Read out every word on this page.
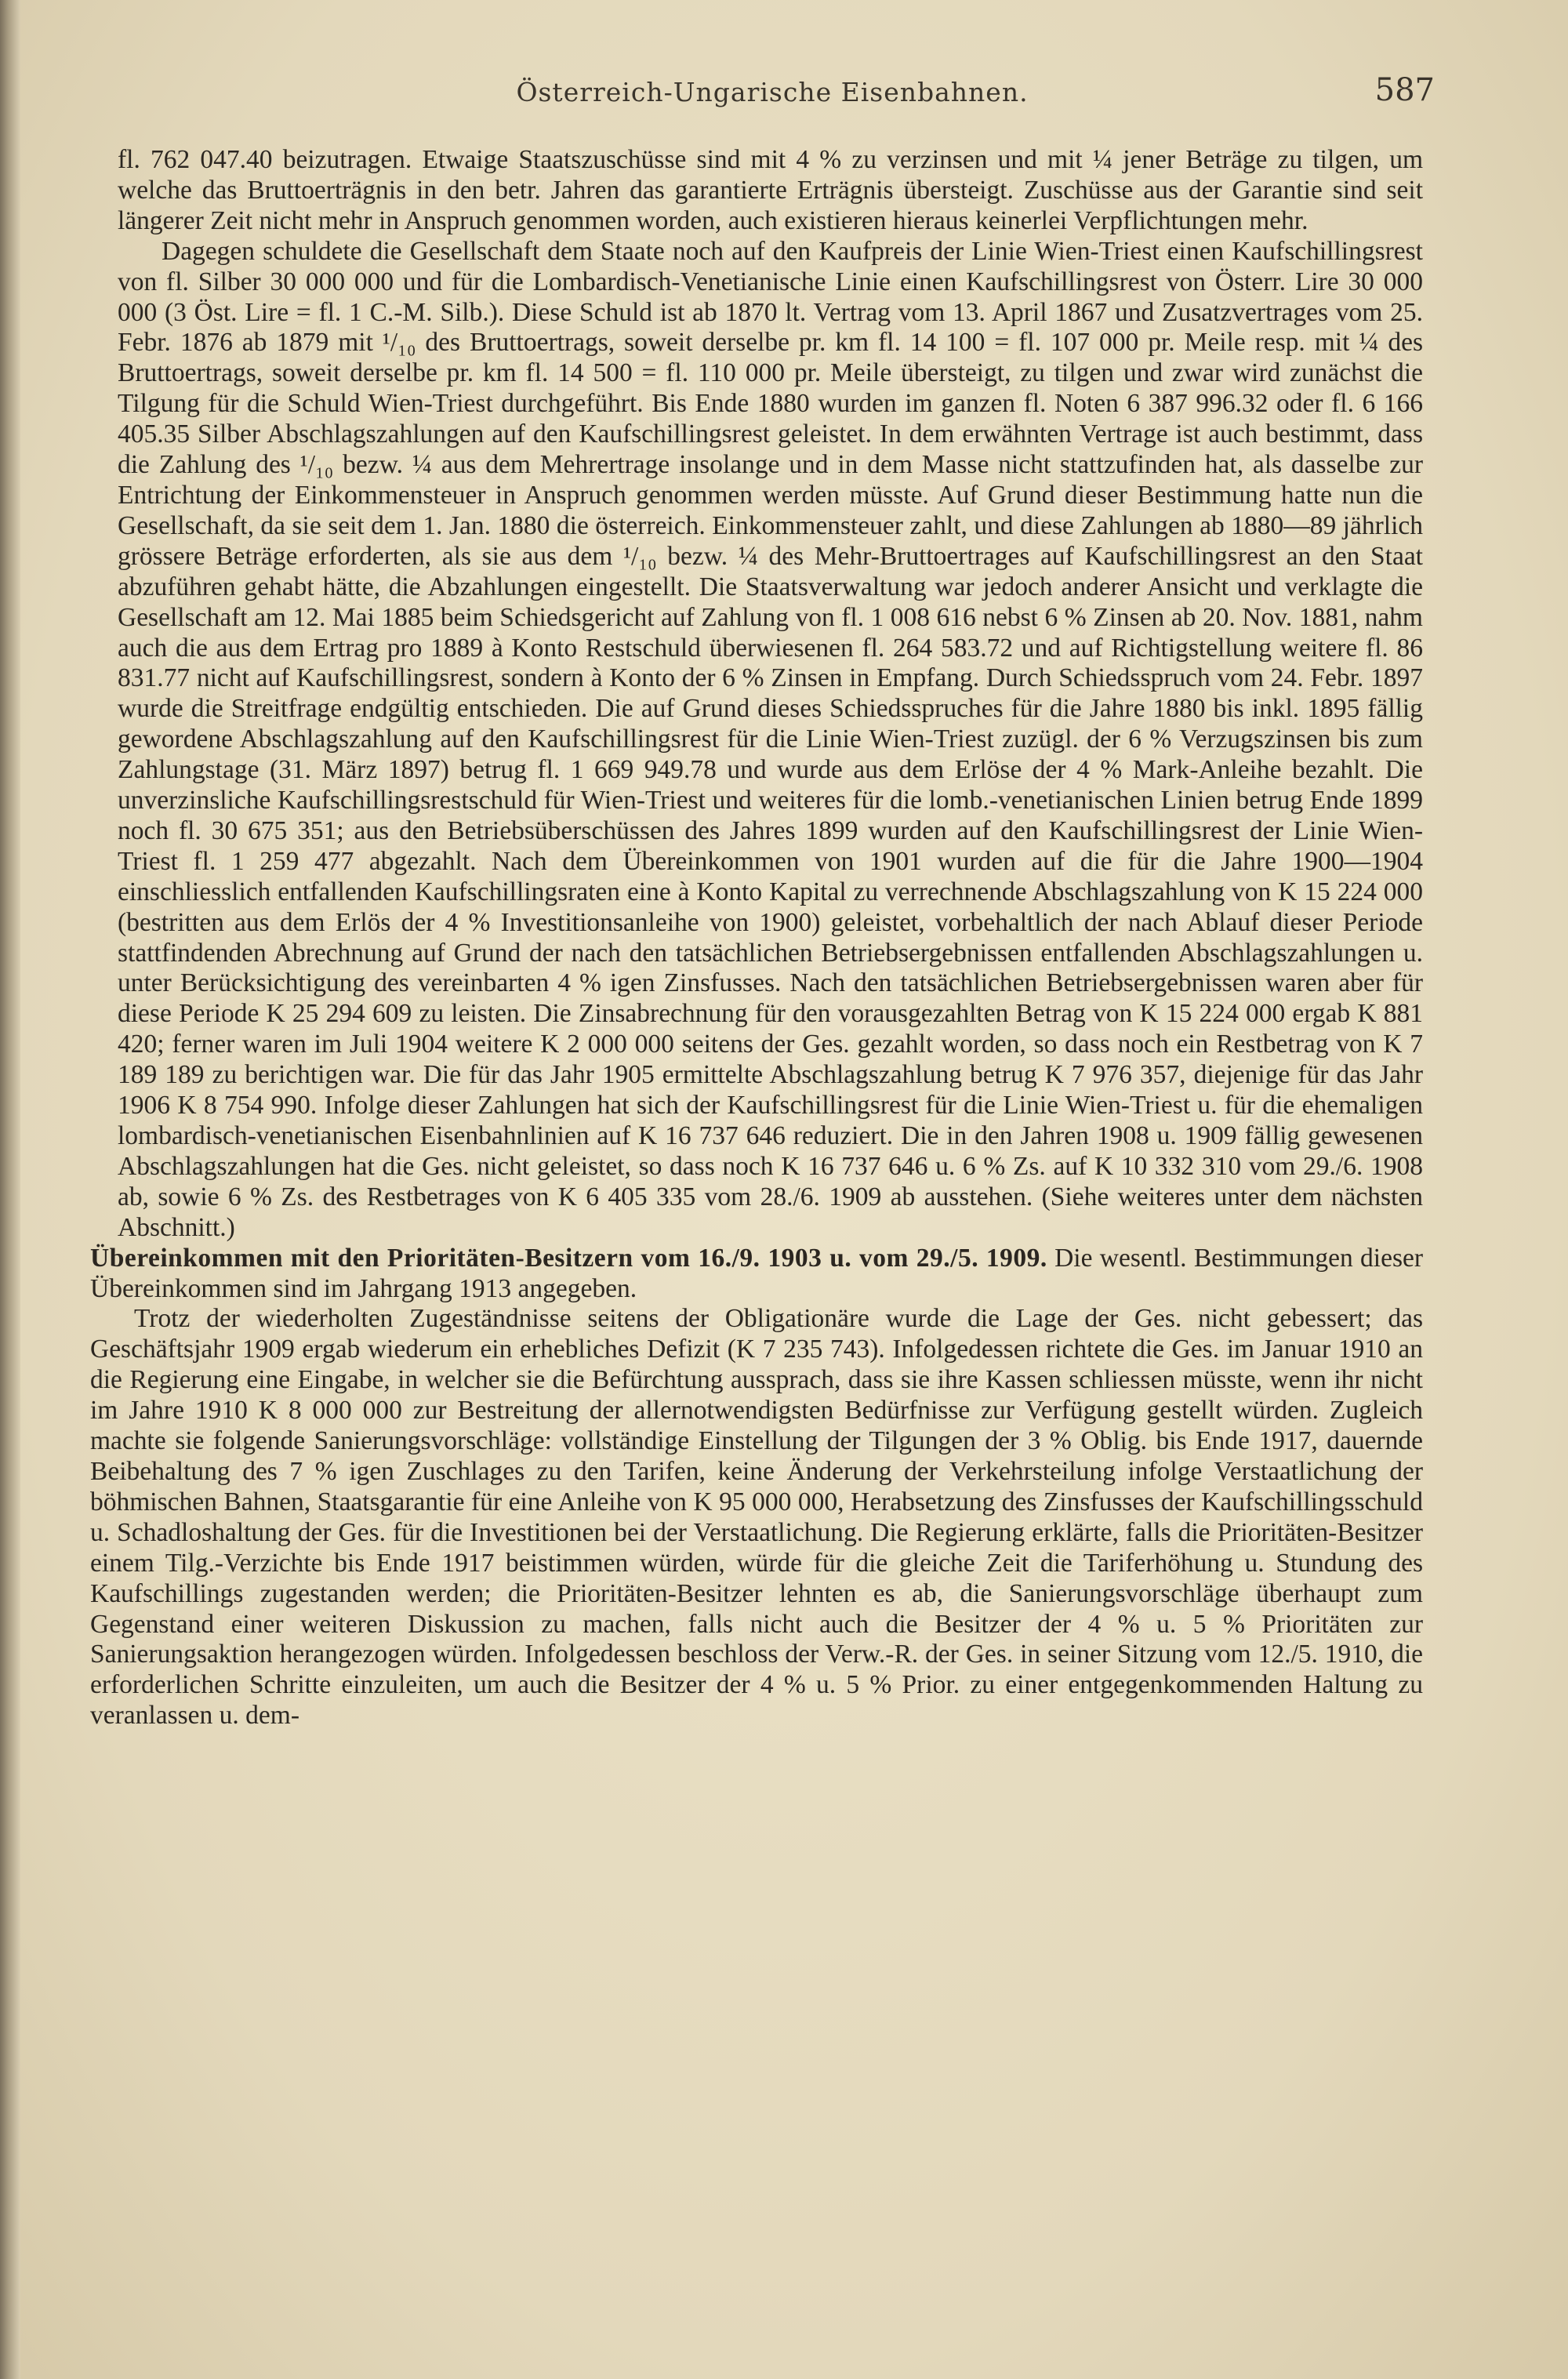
Österreich-Ungarische Eisenbahnen.	587

fl. 762 047.40 beizutragen. Etwaige Staatszuschüsse sind mit 4 % zu verzinsen und mit ¼ jener Beträge zu tilgen, um welche das Bruttoerträgnis in den betr. Jahren das garantierte Erträgnis übersteigt. Zuschüsse aus der Garantie sind seit längerer Zeit nicht mehr in Anspruch genommen worden, auch existieren hieraus keinerlei Verpflichtungen mehr.

Dagegen schuldete die Gesellschaft dem Staate noch auf den Kaufpreis der Linie Wien-Triest einen Kaufschillingsrest von fl. Silber 30 000 000 und für die Lombardisch-Venetianische Linie einen Kaufschillingsrest von Österr. Lire 30 000 000 (3 Öst. Lire = fl. 1 C.-M. Silb.). Diese Schuld ist ab 1870 lt. Vertrag vom 13. April 1867 und Zusatzvertrages vom 25. Febr. 1876 ab 1879 mit ¹/₁₀ des Bruttoertrags, soweit derselbe pr. km fl. 14 100 = fl. 107 000 pr. Meile resp. mit ¼ des Bruttoertrags, soweit derselbe pr. km fl. 14 500 = fl. 110 000 pr. Meile übersteigt, zu tilgen und zwar wird zunächst die Tilgung für die Schuld Wien-Triest durchgeführt. Bis Ende 1880 wurden im ganzen fl. Noten 6 387 996.32 oder fl. 6 166 405.35 Silber Abschlagszahlungen auf den Kaufschillingsrest geleistet. In dem erwähnten Vertrage ist auch bestimmt, dass die Zahlung des ¹/₁₀ bezw. ¼ aus dem Mehrertrage insolange und in dem Masse nicht stattzufinden hat, als dasselbe zur Entrichtung der Einkommensteuer in Anspruch genommen werden müsste. Auf Grund dieser Bestimmung hatte nun die Gesellschaft, da sie seit dem 1. Jan. 1880 die österreich. Einkommensteuer zahlt, und diese Zahlungen ab 1880—89 jährlich grössere Beträge erforderten, als sie aus dem ¹/₁₀ bezw. ¼ des Mehr-Bruttoertrages auf Kaufschillingsrest an den Staat abzuführen gehabt hätte, die Abzahlungen eingestellt. Die Staatsverwaltung war jedoch anderer Ansicht und verklagte die Gesellschaft am 12. Mai 1885 beim Schiedsgericht auf Zahlung von fl. 1 008 616 nebst 6 % Zinsen ab 20. Nov. 1881, nahm auch die aus dem Ertrag pro 1889 à Konto Restschuld überwiesenen fl. 264 583.72 und auf Richtigstellung weitere fl. 86 831.77 nicht auf Kaufschillingsrest, sondern à Konto der 6 % Zinsen in Empfang. Durch Schiedsspruch vom 24. Febr. 1897 wurde die Streitfrage endgültig entschieden. Die auf Grund dieses Schiedsspruches für die Jahre 1880 bis inkl. 1895 fällig gewordene Abschlagszahlung auf den Kaufschillingsrest für die Linie Wien-Triest zuzügl. der 6 % Verzugszinsen bis zum Zahlungstage (31. März 1897) betrug fl. 1 669 949.78 und wurde aus dem Erlöse der 4 % Mark-Anleihe bezahlt. Die unverzinsliche Kaufschillingsrestschuld für Wien-Triest und weiteres für die lomb.-venetianischen Linien betrug Ende 1899 noch fl. 30 675 351; aus den Betriebsüberschüssen des Jahres 1899 wurden auf den Kaufschillingsrest der Linie Wien-Triest fl. 1 259 477 abgezahlt. Nach dem Übereinkommen von 1901 wurden auf die für die Jahre 1900—1904 einschliesslich entfallenden Kaufschillingsraten eine à Konto Kapital zu verrechnende Abschlagszahlung von K 15 224 000 (bestritten aus dem Erlös der 4 % Investitionsanleihe von 1900) geleistet, vorbehaltlich der nach Ablauf dieser Periode stattfindenden Abrechnung auf Grund der nach den tatsächlichen Betriebsergebnissen entfallenden Abschlagszahlungen u. unter Berücksichtigung des vereinbarten 4 % igen Zinsfusses. Nach den tatsächlichen Betriebsergebnissen waren aber für diese Periode K 25 294 609 zu leisten. Die Zinsabrechnung für den vorausgezahlten Betrag von K 15 224 000 ergab K 881 420; ferner waren im Juli 1904 weitere K 2 000 000 seitens der Ges. gezahlt worden, so dass noch ein Restbetrag von K 7 189 189 zu berichtigen war. Die für das Jahr 1905 ermittelte Abschlagszahlung betrug K 7 976 357, diejenige für das Jahr 1906 K 8 754 990. Infolge dieser Zahlungen hat sich der Kaufschillingsrest für die Linie Wien-Triest u. für die ehemaligen lombardisch-venetianischen Eisenbahnlinien auf K 16 737 646 reduziert. Die in den Jahren 1908 u. 1909 fällig gewesenen Abschlagszahlungen hat die Ges. nicht geleistet, so dass noch K 16 737 646 u. 6 % Zs. auf K 10 332 310 vom 29./6. 1908 ab, sowie 6 % Zs. des Restbetrages von K 6 405 335 vom 28./6. 1909 ab ausstehen. (Siehe weiteres unter dem nächsten Abschnitt.)

Übereinkommen mit den Prioritäten-Besitzern vom 16./9. 1903 u. vom 29./5. 1909. Die wesentl. Bestimmungen dieser Übereinkommen sind im Jahrgang 1913 angegeben.

Trotz der wiederholten Zugeständnisse seitens der Obligationäre wurde die Lage der Ges. nicht gebessert; das Geschäftsjahr 1909 ergab wiederum ein erhebliches Defizit (K 7 235 743). Infolgedessen richtete die Ges. im Januar 1910 an die Regierung eine Eingabe, in welcher sie die Befürchtung aussprach, dass sie ihre Kassen schliessen müsste, wenn ihr nicht im Jahre 1910 K 8 000 000 zur Bestreitung der allernotwendigsten Bedürfnisse zur Verfügung gestellt würden. Zugleich machte sie folgende Sanierungsvorschläge: vollständige Einstellung der Tilgungen der 3 % Oblig. bis Ende 1917, dauernde Beibehaltung des 7 % igen Zuschlages zu den Tarifen, keine Änderung der Verkehrsteilung infolge Verstaatlichung der böhmischen Bahnen, Staatsgarantie für eine Anleihe von K 95 000 000, Herabsetzung des Zinsfusses der Kaufschillingsschuld u. Schadloshaltung der Ges. für die Investitionen bei der Verstaatlichung. Die Regierung erklärte, falls die Prioritäten-Besitzer einem Tilg.-Verzichte bis Ende 1917 beistimmen würden, würde für die gleiche Zeit die Tariferhöhung u. Stundung des Kaufschillings zugestanden werden; die Prioritäten-Besitzer lehnten es ab, die Sanierungsvorschläge überhaupt zum Gegenstand einer weiteren Diskussion zu machen, falls nicht auch die Besitzer der 4 % u. 5 % Prioritäten zur Sanierungsaktion herangezogen würden. Infolgedessen beschloss der Verw.-R. der Ges. in seiner Sitzung vom 12./5. 1910, die erforderlichen Schritte einzuleiten, um auch die Besitzer der 4 % u. 5 % Prior. zu einer entgegenkommenden Haltung zu veranlassen u. dem-
